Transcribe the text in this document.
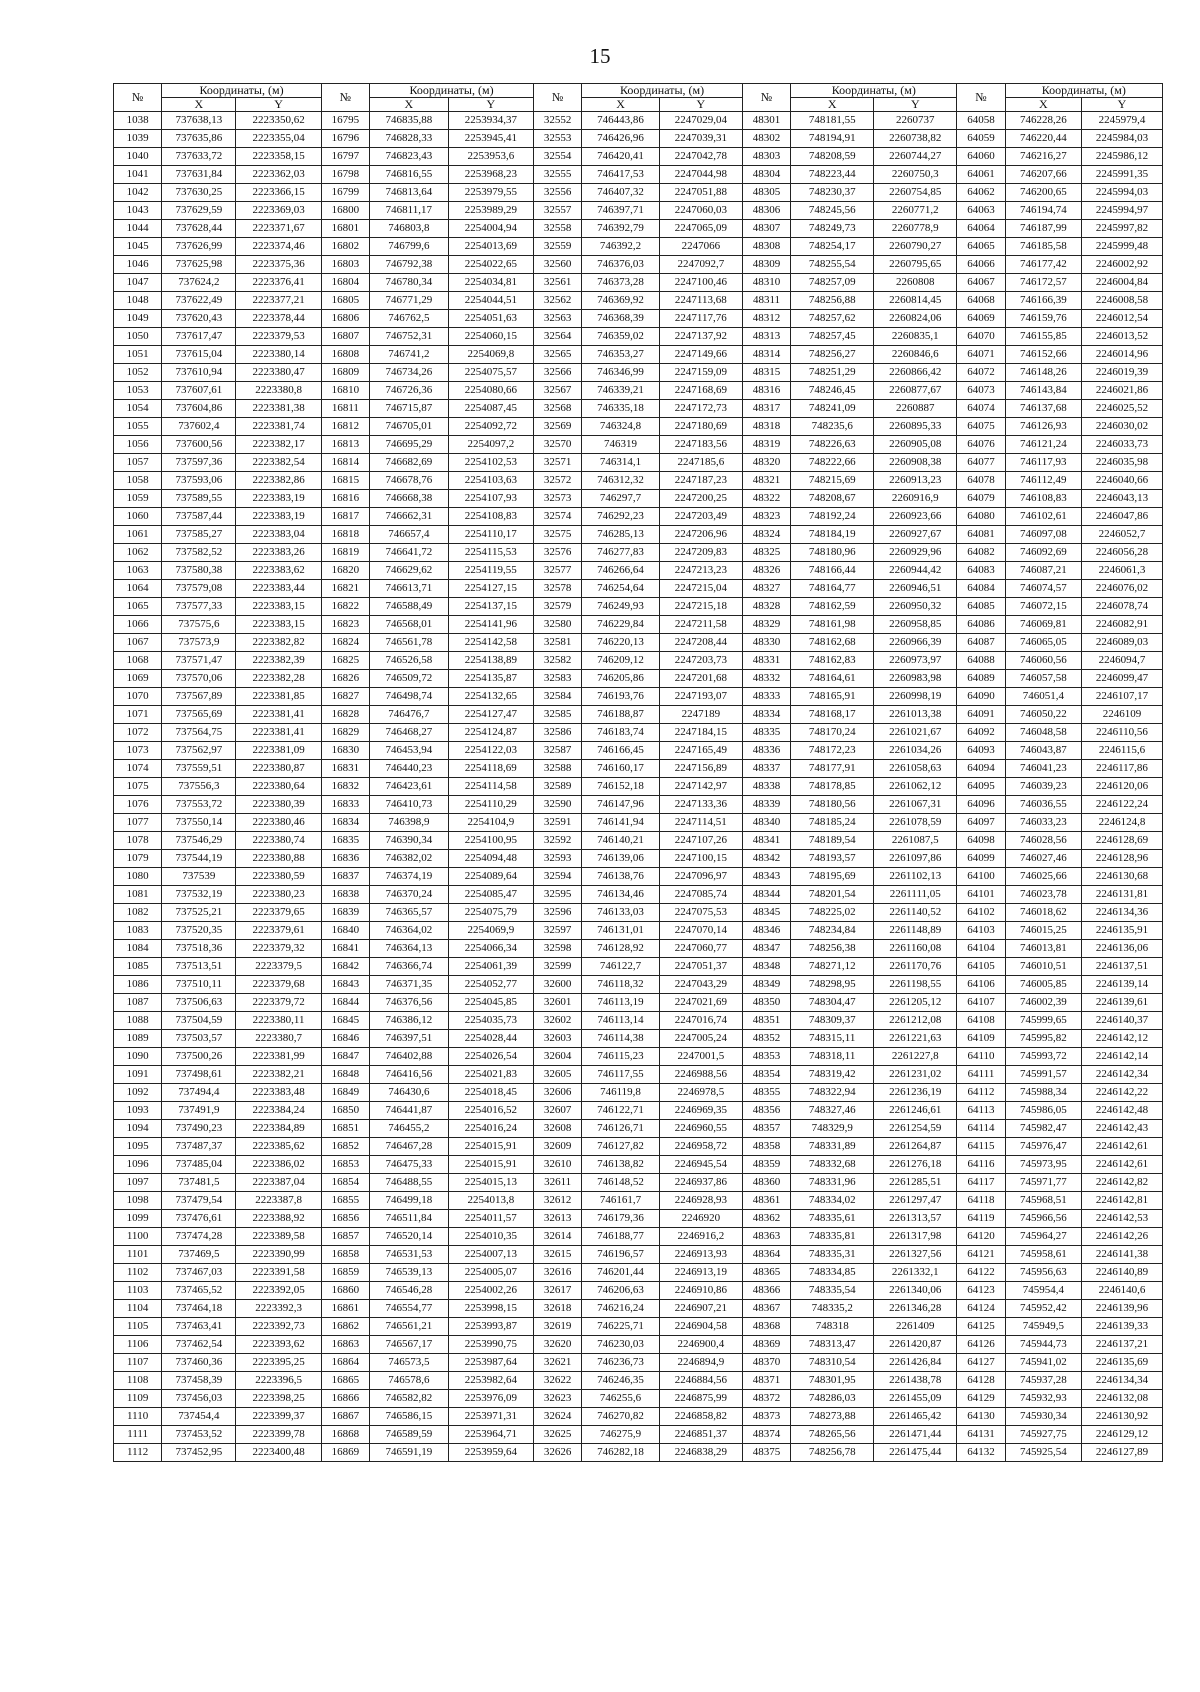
15
№	Координаты, (м)		№	Координаты, (м)		№	Координаты, (м)		№	Координаты, (м)		№	Координаты, (м)	
	X	Y		X	Y		X	Y		X	Y		X	Y
1038	737638,13	2223350,62	16795	746835,88	2253934,37	32552	746443,86	2247029,04	48301	748181,55	2260737	64058	746228,26	2245979,4
1039	737635,86	2223355,04	16796	746828,33	2253945,41	32553	746426,96	2247039,31	48302	748194,91	2260738,82	64059	746220,44	2245984,03
1040	737633,72	2223358,15	16797	746823,43	2253953,6	32554	746420,41	2247042,78	48303	748208,59	2260744,27	64060	746216,27	2245986,12
1041	737631,84	2223362,03	16798	746816,55	2253968,23	32555	746417,53	2247044,98	48304	748223,44	2260750,3	64061	746207,66	2245991,35
1042	737630,25	2223366,15	16799	746813,64	2253979,55	32556	746407,32	2247051,88	48305	748230,37	2260754,85	64062	746200,65	2245994,03
1043	737629,59	2223369,03	16800	746811,17	2253989,29	32557	746397,71	2247060,03	48306	748245,56	2260771,2	64063	746194,74	2245994,97
1044	737628,44	2223371,67	16801	746803,8	2254004,94	32558	746392,79	2247065,09	48307	748249,73	2260778,9	64064	746187,99	2245997,82
1045	737626,99	2223374,46	16802	746799,6	2254013,69	32559	746392,2	2247066	48308	748254,17	2260790,27	64065	746185,58	2245999,48
1046	737625,98	2223375,36	16803	746792,38	2254022,65	32560	746376,03	2247092,7	48309	748255,54	2260795,65	64066	746177,42	2246002,92
1047	737624,2	2223376,41	16804	746780,34	2254034,81	32561	746373,28	2247100,46	48310	748257,09	2260808	64067	746172,57	2246004,84
1048	737622,49	2223377,21	16805	746771,29	2254044,51	32562	746369,92	2247113,68	48311	748256,88	2260814,45	64068	746166,39	2246008,58
1049	737620,43	2223378,44	16806	746762,5	2254051,63	32563	746368,39	2247117,76	48312	748257,62	2260824,06	64069	746159,76	2246012,54
1050	737617,47	2223379,53	16807	746752,31	2254060,15	32564	746359,02	2247137,92	48313	748257,45	2260835,1	64070	746155,85	2246013,52
1051	737615,04	2223380,14	16808	746741,2	2254069,8	32565	746353,27	2247149,66	48314	748256,27	2260846,6	64071	746152,66	2246014,96
1052	737610,94	2223380,47	16809	746734,26	2254075,57	32566	746346,99	2247159,09	48315	748251,29	2260866,42	64072	746148,26	2246019,39
1053	737607,61	2223380,8	16810	746726,36	2254080,66	32567	746339,21	2247168,69	48316	748246,45	2260877,67	64073	746143,84	2246021,86
1054	737604,86	2223381,38	16811	746715,87	2254087,45	32568	746335,18	2247172,73	48317	748241,09	2260887	64074	746137,68	2246025,52
1055	737602,4	2223381,74	16812	746705,01	2254092,72	32569	746324,8	2247180,69	48318	748235,6	2260895,33	64075	746126,93	2246030,02
1056	737600,56	2223382,17	16813	746695,29	2254097,2	32570	746319	2247183,56	48319	748226,63	2260905,08	64076	746121,24	2246033,73
1057	737597,36	2223382,54	16814	746682,69	2254102,53	32571	746314,1	2247185,6	48320	748222,66	2260908,38	64077	746117,93	2246035,98
1058	737593,06	2223382,86	16815	746678,76	2254103,63	32572	746312,32	2247187,23	48321	748215,69	2260913,23	64078	746112,49	2246040,66
1059	737589,55	2223383,19	16816	746668,38	2254107,93	32573	746297,7	2247200,25	48322	748208,67	2260916,9	64079	746108,83	2246043,13
1060	737587,44	2223383,19	16817	746662,31	2254108,83	32574	746292,23	2247203,49	48323	748192,24	2260923,66	64080	746102,61	2246047,86
1061	737585,27	2223383,04	16818	746657,4	2254110,17	32575	746285,13	2247206,96	48324	748184,19	2260927,67	64081	746097,08	2246052,7
1062	737582,52	2223383,26	16819	746641,72	2254115,53	32576	746277,83	2247209,83	48325	748180,96	2260929,96	64082	746092,69	2246056,28
1063	737580,38	2223383,62	16820	746629,62	2254119,55	32577	746266,64	2247213,23	48326	748166,44	2260944,42	64083	746087,21	2246061,3
1064	737579,08	2223383,44	16821	746613,71	2254127,15	32578	746254,64	2247215,04	48327	748164,77	2260946,51	64084	746074,57	2246076,02
1065	737577,33	2223383,15	16822	746588,49	2254137,15	32579	746249,93	2247215,18	48328	748162,59	2260950,32	64085	746072,15	2246078,74
1066	737575,6	2223383,15	16823	746568,01	2254141,96	32580	746229,84	2247211,58	48329	748161,98	2260958,85	64086	746069,81	2246082,91
1067	737573,9	2223382,82	16824	746561,78	2254142,58	32581	746220,13	2247208,44	48330	748162,68	2260966,39	64087	746065,05	2246089,03
1068	737571,47	2223382,39	16825	746526,58	2254138,89	32582	746209,12	2247203,73	48331	748162,83	2260973,97	64088	746060,56	2246094,7
1069	737570,06	2223382,28	16826	746509,72	2254135,87	32583	746205,86	2247201,68	48332	748164,61	2260983,98	64089	746057,58	2246099,47
1070	737567,89	2223381,85	16827	746498,74	2254132,65	32584	746193,76	2247193,07	48333	748165,91	2260998,19	64090	746051,4	2246107,17
1071	737565,69	2223381,41	16828	746476,7	2254127,47	32585	746188,87	2247189	48334	748168,17	2261013,38	64091	746050,22	2246109
1072	737564,75	2223381,41	16829	746468,27	2254124,87	32586	746183,74	2247184,15	48335	748170,24	2261021,67	64092	746048,58	2246110,56
1073	737562,97	2223381,09	16830	746453,94	2254122,03	32587	746166,45	2247165,49	48336	748172,23	2261034,26	64093	746043,87	2246115,6
1074	737559,51	2223380,87	16831	746440,23	2254118,69	32588	746160,17	2247156,89	48337	748177,91	2261058,63	64094	746041,23	2246117,86
1075	737556,3	2223380,64	16832	746423,61	2254114,58	32589	746152,18	2247142,97	48338	748178,85	2261062,12	64095	746039,23	2246120,06
1076	737553,72	2223380,39	16833	746410,73	2254110,29	32590	746147,96	2247133,36	48339	748180,56	2261067,31	64096	746036,55	2246122,24
1077	737550,14	2223380,46	16834	746398,9	2254104,9	32591	746141,94	2247114,51	48340	748185,24	2261078,59	64097	746033,23	2246124,8
1078	737546,29	2223380,74	16835	746390,34	2254100,95	32592	746140,21	2247107,26	48341	748189,54	2261087,5	64098	746028,56	2246128,69
1079	737544,19	2223380,88	16836	746382,02	2254094,48	32593	746139,06	2247100,15	48342	748193,57	2261097,86	64099	746027,46	2246128,96
1080	737539	2223380,59	16837	746374,19	2254089,64	32594	746138,76	2247096,97	48343	748195,69	2261102,13	64100	746025,66	2246130,68
1081	737532,19	2223380,23	16838	746370,24	2254085,47	32595	746134,46	2247085,74	48344	748201,54	2261111,05	64101	746023,78	2246131,81
1082	737525,21	2223379,65	16839	746365,57	2254075,79	32596	746133,03	2247075,53	48345	748225,02	2261140,52	64102	746018,62	2246134,36
1083	737520,35	2223379,61	16840	746364,02	2254069,9	32597	746131,01	2247070,14	48346	748234,84	2261148,89	64103	746015,25	2246135,91
1084	737518,36	2223379,32	16841	746364,13	2254066,34	32598	746128,92	2247060,77	48347	748256,38	2261160,08	64104	746013,81	2246136,06
1085	737513,51	2223379,5	16842	746366,74	2254061,39	32599	746122,7	2247051,37	48348	748271,12	2261170,76	64105	746010,51	2246137,51
1086	737510,11	2223379,68	16843	746371,35	2254052,77	32600	746118,32	2247043,29	48349	748298,95	2261198,55	64106	746005,85	2246139,14
1087	737506,63	2223379,72	16844	746376,56	2254045,85	32601	746113,19	2247021,69	48350	748304,47	2261205,12	64107	746002,39	2246139,61
1088	737504,59	2223380,11	16845	746386,12	2254035,73	32602	746113,14	2247016,74	48351	748309,37	2261212,08	64108	745999,65	2246140,37
1089	737503,57	2223380,7	16846	746397,51	2254028,44	32603	746114,38	2247005,24	48352	748315,11	2261221,63	64109	745995,82	2246142,12
1090	737500,26	2223381,99	16847	746402,88	2254026,54	32604	746115,23	2247001,5	48353	748318,11	2261227,8	64110	745993,72	2246142,14
1091	737498,61	2223382,21	16848	746416,56	2254021,83	32605	746117,55	2246988,56	48354	748319,42	2261231,02	64111	745991,57	2246142,34
1092	737494,4	2223383,48	16849	746430,6	2254018,45	32606	746119,8	2246978,5	48355	748322,94	2261236,19	64112	745988,34	2246142,22
1093	737491,9	2223384,24	16850	746441,87	2254016,52	32607	746122,71	2246969,35	48356	748327,46	2261246,61	64113	745986,05	2246142,48
1094	737490,23	2223384,89	16851	746455,2	2254016,24	32608	746126,71	2246960,55	48357	748329,9	2261254,59	64114	745982,47	2246142,43
1095	737487,37	2223385,62	16852	746467,28	2254015,91	32609	746127,82	2246958,72	48358	748331,89	2261264,87	64115	745976,47	2246142,61
1096	737485,04	2223386,02	16853	746475,33	2254015,91	32610	746138,82	2246945,54	48359	748332,68	2261276,18	64116	745973,95	2246142,61
1097	737481,5	2223387,04	16854	746488,55	2254015,13	32611	746148,52	2246937,86	48360	748331,96	2261285,51	64117	745971,77	2246142,82
1098	737479,54	2223387,8	16855	746499,18	2254013,8	32612	746161,7	2246928,93	48361	748334,02	2261297,47	64118	745968,51	2246142,81
1099	737476,61	2223388,92	16856	746511,84	2254011,57	32613	746179,36	2246920	48362	748335,61	2261313,57	64119	745966,56	2246142,53
1100	737474,28	2223389,58	16857	746520,14	2254010,35	32614	746188,77	2246916,2	48363	748335,81	2261317,98	64120	745964,27	2246142,26
1101	737469,5	2223390,99	16858	746531,53	2254007,13	32615	746196,57	2246913,93	48364	748335,31	2261327,56	64121	745958,61	2246141,38
1102	737467,03	2223391,58	16859	746539,13	2254005,07	32616	746201,44	2246913,19	48365	748334,85	2261332,1	64122	745956,63	2246140,89
1103	737465,52	2223392,05	16860	746546,28	2254002,26	32617	746206,63	2246910,86	48366	748335,54	2261340,06	64123	745954,4	2246140,6
1104	737464,18	2223392,3	16861	746554,77	2253998,15	32618	746216,24	2246907,21	48367	748335,2	2261346,28	64124	745952,42	2246139,96
1105	737463,41	2223392,73	16862	746561,21	2253993,87	32619	746225,71	2246904,58	48368	748318	2261409	64125	745949,5	2246139,33
1106	737462,54	2223393,62	16863	746567,17	2253990,75	32620	746230,03	2246900,4	48369	748313,47	2261420,87	64126	745944,73	2246137,21
1107	737460,36	2223395,25	16864	746573,5	2253987,64	32621	746236,73	2246894,9	48370	748310,54	2261426,84	64127	745941,02	2246135,69
1108	737458,39	2223396,5	16865	746578,6	2253982,64	32622	746246,35	2246884,56	48371	748301,95	2261438,78	64128	745937,28	2246134,34
1109	737456,03	2223398,25	16866	746582,82	2253976,09	32623	746255,6	2246875,99	48372	748286,03	2261455,09	64129	745932,93	2246132,08
1110	737454,4	2223399,37	16867	746586,15	2253971,31	32624	746270,82	2246858,82	48373	748273,88	2261465,42	64130	745930,34	2246130,92
1111	737453,52	2223399,78	16868	746589,59	2253964,71	32625	746275,9	2246851,37	48374	748265,56	2261471,44	64131	745927,75	2246129,12
1112	737452,95	2223400,48	16869	746591,19	2253959,64	32626	746282,18	2246838,29	48375	748256,78	2261475,44	64132	745925,54	2246127,89
